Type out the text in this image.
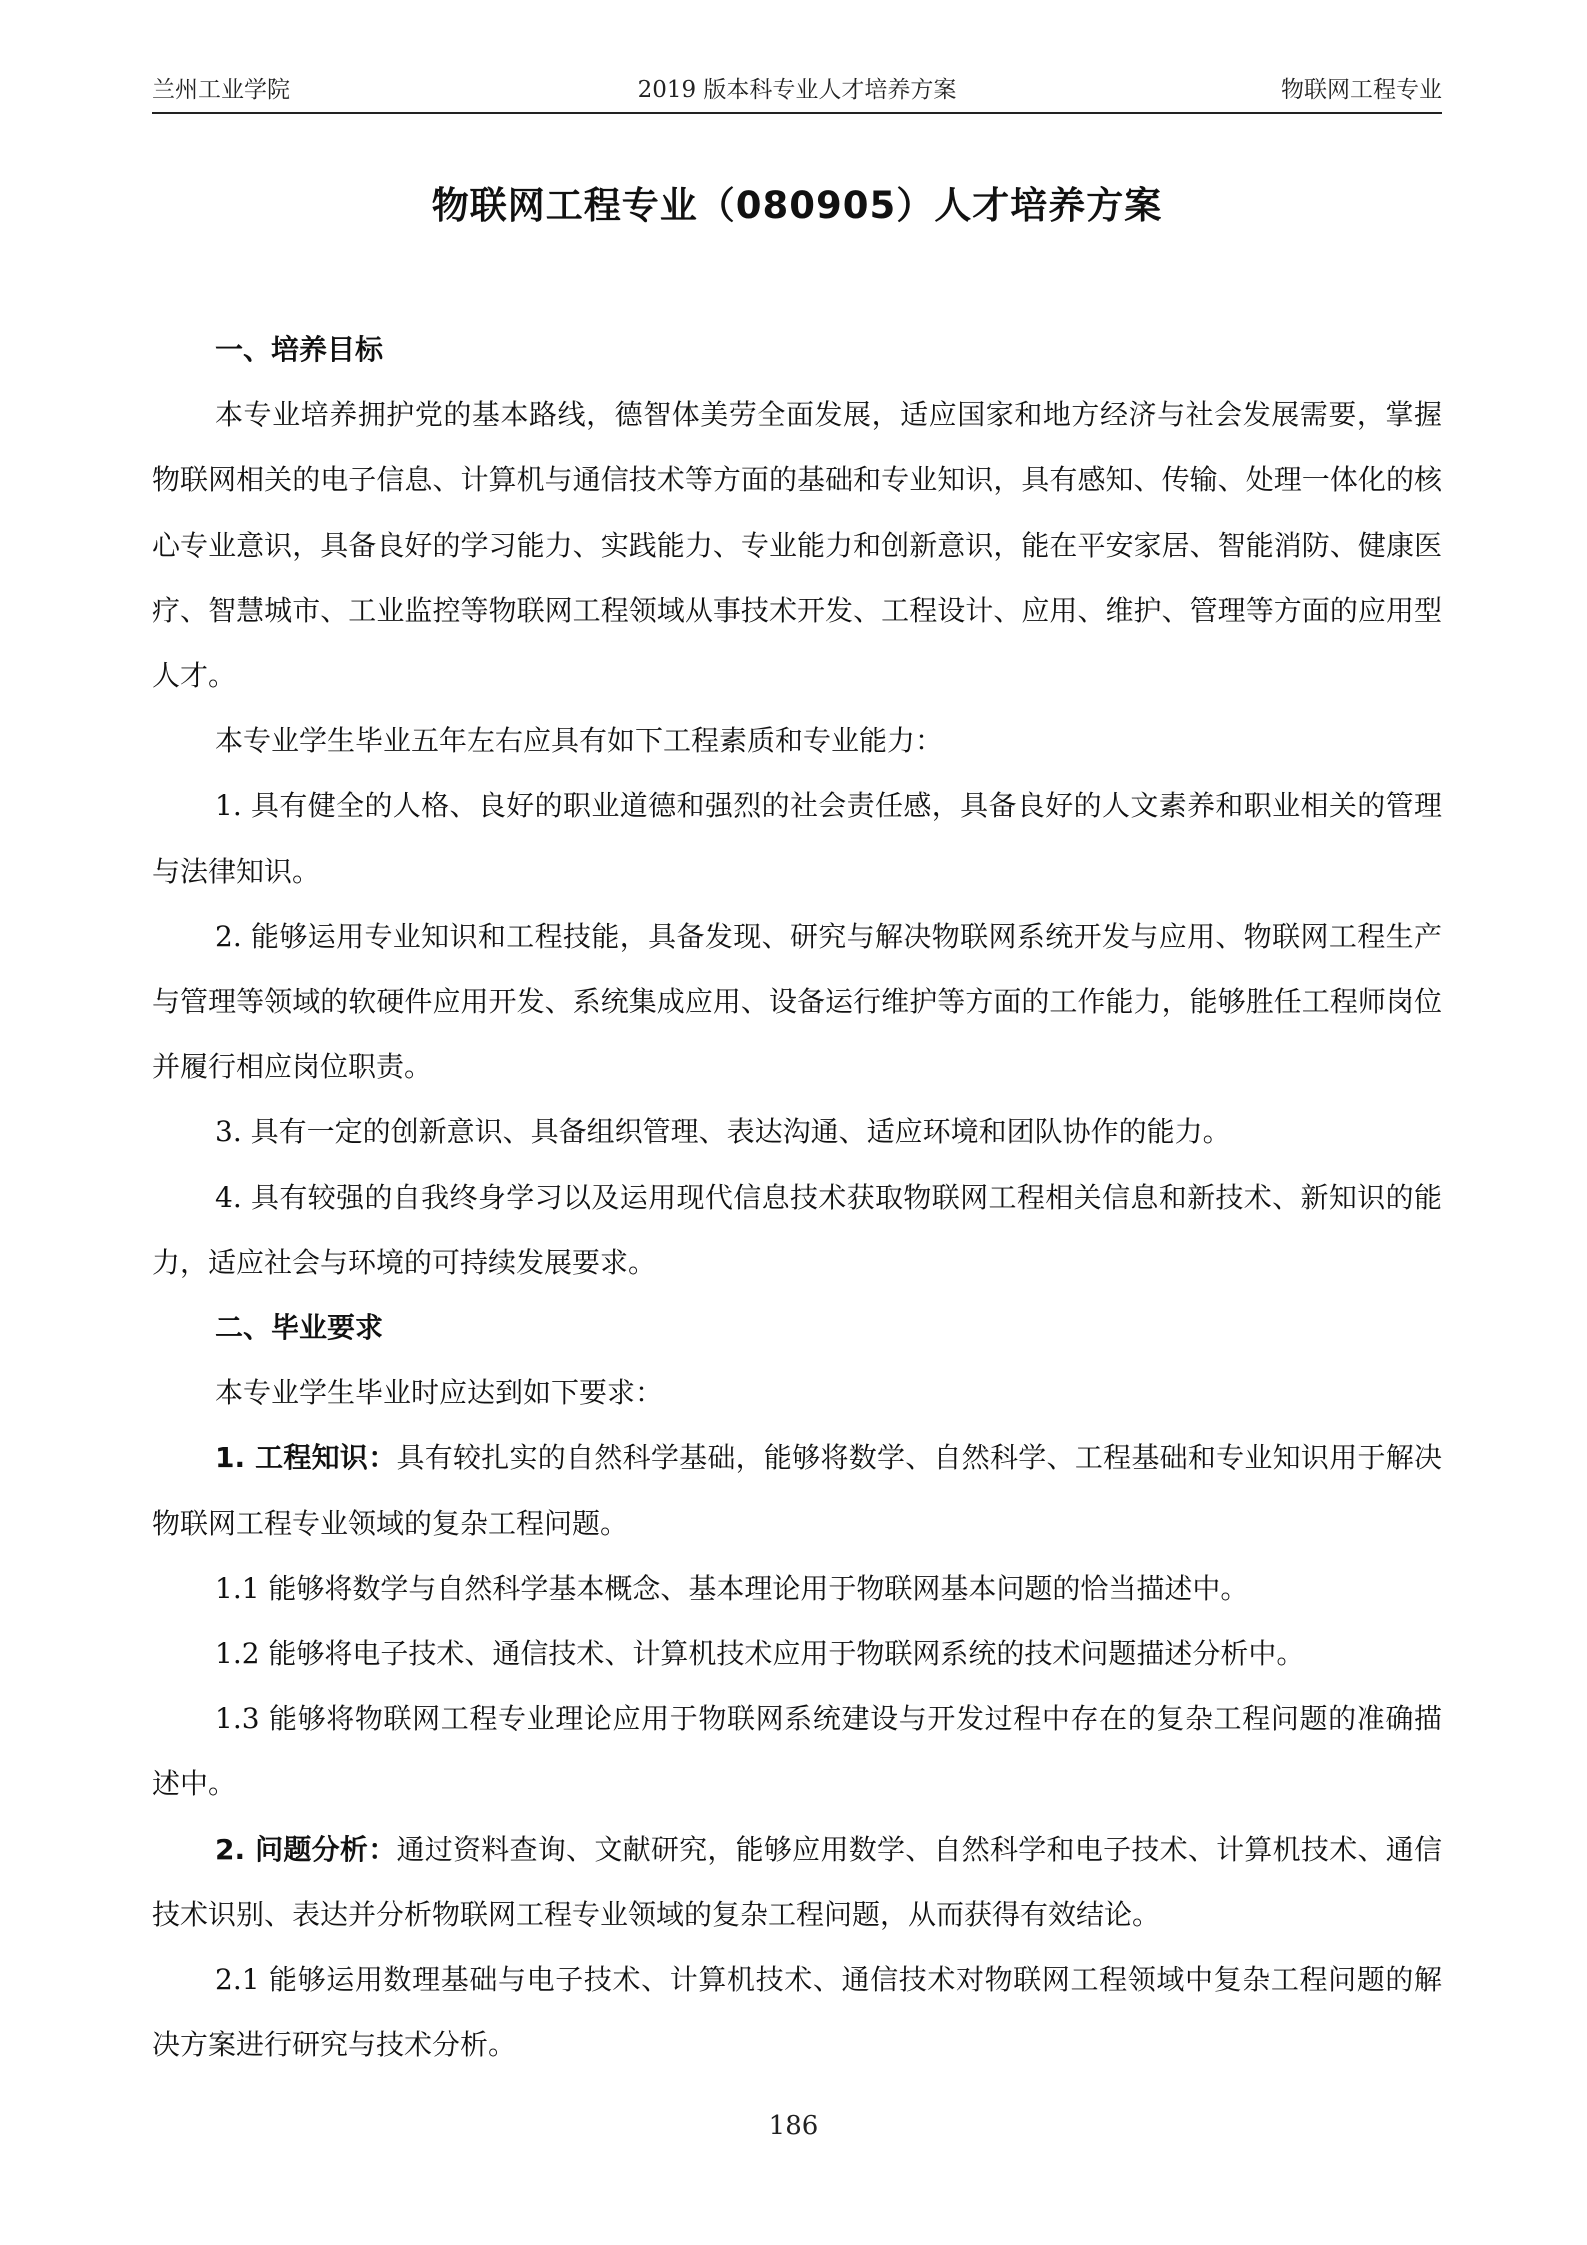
兰州工业学院	2019 版本科专业人才培养方案	物联网工程专业
物联网工程专业（080905）人才培养方案
一、培养目标

本专业培养拥护党的基本路线，德智体美劳全面发展，适应国家和地方经济与社会发展需要，掌握物联网相关的电子信息、计算机与通信技术等方面的基础和专业知识，具有感知、传输、处理一体化的核心专业意识，具备良好的学习能力、实践能力、专业能力和创新意识，能在平安家居、智能消防、健康医疗、智慧城市、工业监控等物联网工程领域从事技术开发、工程设计、应用、维护、管理等方面的应用型人才。

本专业学生毕业五年左右应具有如下工程素质和专业能力：

1. 具有健全的人格、良好的职业道德和强烈的社会责任感，具备良好的人文素养和职业相关的管理与法律知识。

2. 能够运用专业知识和工程技能，具备发现、研究与解决物联网系统开发与应用、物联网工程生产与管理等领域的软硬件应用开发、系统集成应用、设备运行维护等方面的工作能力，能够胜任工程师岗位并履行相应岗位职责。

3. 具有一定的创新意识、具备组织管理、表达沟通、适应环境和团队协作的能力。

4. 具有较强的自我终身学习以及运用现代信息技术获取物联网工程相关信息和新技术、新知识的能力，适应社会与环境的可持续发展要求。

二、毕业要求

本专业学生毕业时应达到如下要求：

1. 工程知识：具有较扎实的自然科学基础，能够将数学、自然科学、工程基础和专业知识用于解决物联网工程专业领域的复杂工程问题。

1.1 能够将数学与自然科学基本概念、基本理论用于物联网基本问题的恰当描述中。

1.2 能够将电子技术、通信技术、计算机技术应用于物联网系统的技术问题描述分析中。

1.3 能够将物联网工程专业理论应用于物联网系统建设与开发过程中存在的复杂工程问题的准确描述中。

2. 问题分析：通过资料查询、文献研究，能够应用数学、自然科学和电子技术、计算机技术、通信技术识别、表达并分析物联网工程专业领域的复杂工程问题，从而获得有效结论。

2.1 能够运用数理基础与电子技术、计算机技术、通信技术对物联网工程领域中复杂工程问题的解决方案进行研究与技术分析。

186
